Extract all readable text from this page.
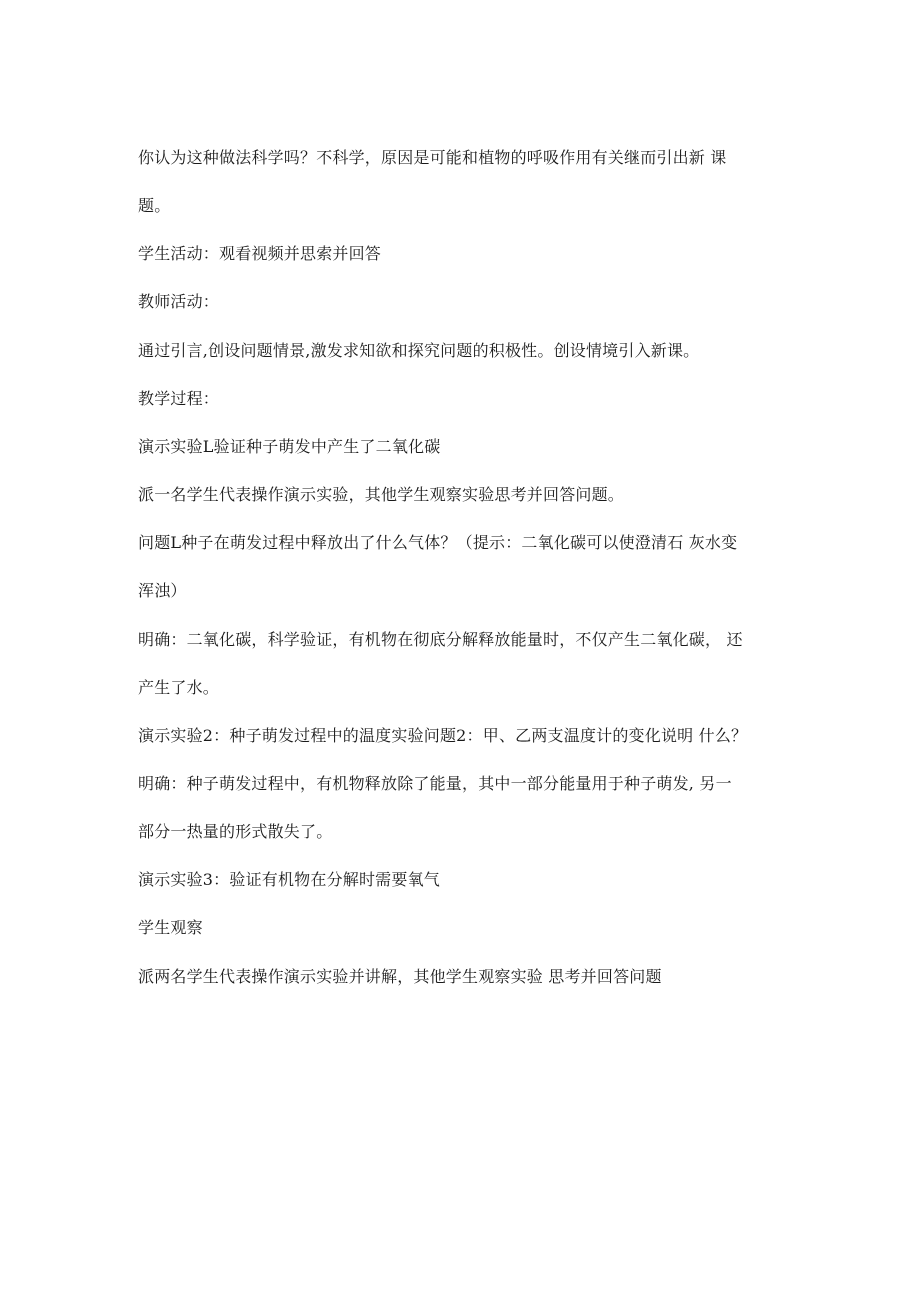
你认为这种做法科学吗？不科学，原因是可能和植物的呼吸作用有关继而引出新 课
题。
学生活动：观看视频并思索并回答
教师活动：
通过引言,创设问题情景,激发求知欲和探究问题的积极性。创设情境引入新课。
教学过程：
演示实验L验证种子萌发中产生了二氧化碳
派一名学生代表操作演示实验，其他学生观察实验思考并回答问题。
问题L种子在萌发过程中释放出了什么气体？（提示：二氧化碳可以使澄清石 灰水变
浑浊）
明确：二氧化碳，科学验证，有机物在彻底分解释放能量时，不仅产生二氧化碳， 还
产生了水。
演示实验2：种子萌发过程中的温度实验问题2：甲、乙两支温度计的变化说明 什么？
明确：种子萌发过程中，有机物释放除了能量，其中一部分能量用于种子萌发, 另一
部分一热量的形式散失了。
演示实验3：验证有机物在分解时需要氧气
学生观察
派两名学生代表操作演示实验并讲解，其他学生观察实验 思考并回答问题
